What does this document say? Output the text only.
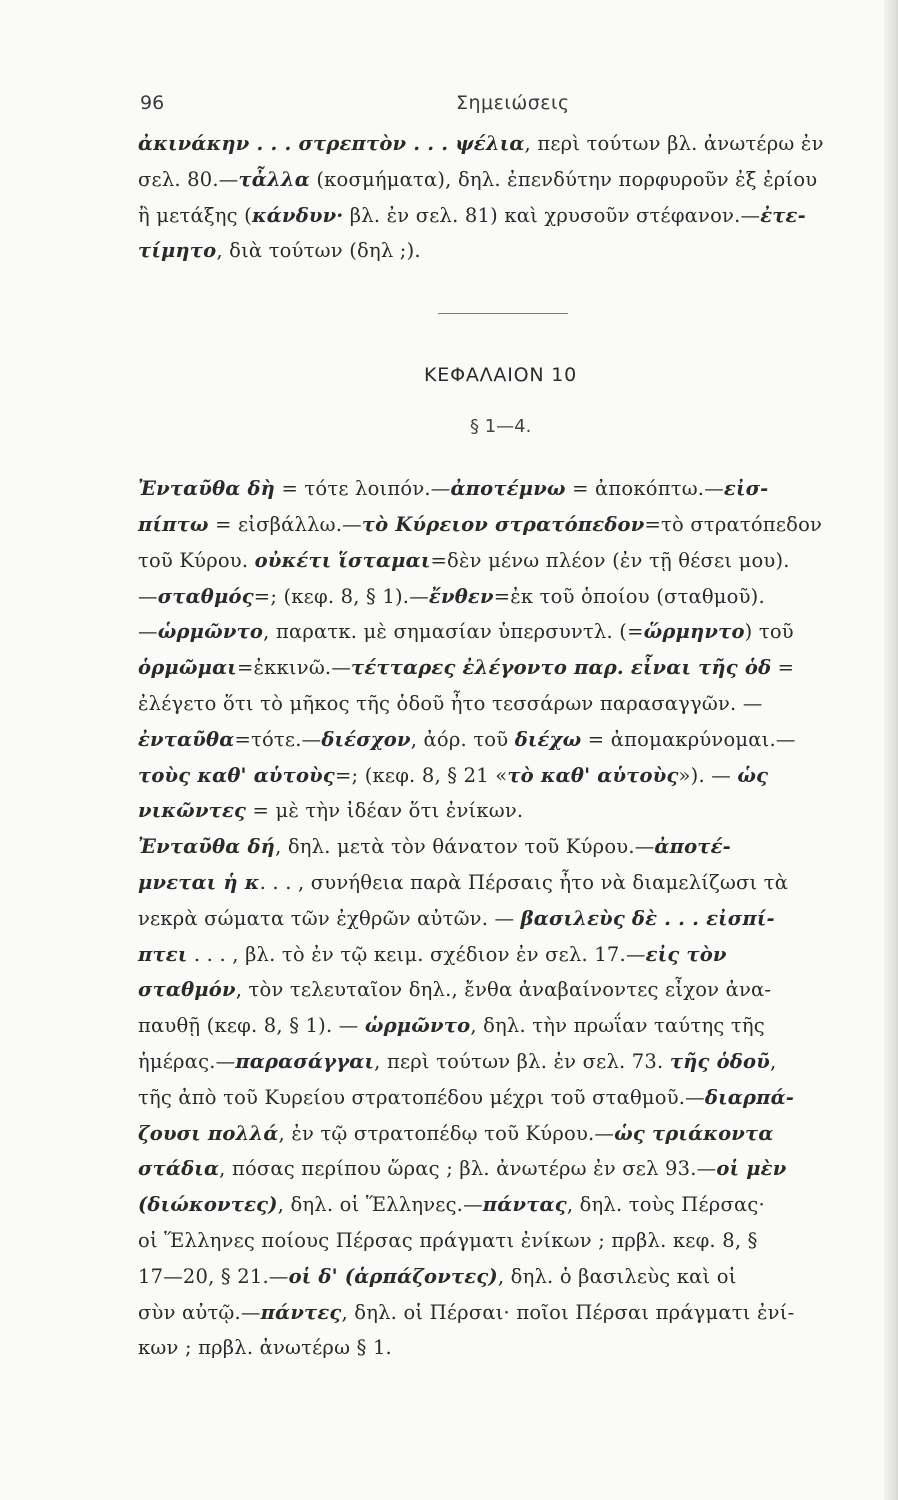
96	Σημειώσεις
ἀκινάκην . . . στρεπτὸν . . . ψέλια, περὶ τούτων βλ. ἀνωτέρω ἐν
σελ. 80.—τἆλλα (κοσμήματα), δηλ. ἐπενδύτην πορφυροῦν ἐξ ἐρίου
ἢ μετάξης (κάνδυν· βλ. ἐν σελ. 81) καὶ χρυσοῦν στέφανον.—ἐτε-
τίμητο, διὰ τούτων (δηλ ;).
ΚΕΦΑΛΑΙΟΝ 10
§ 1—4.
Ἐνταῦθα δὴ = τότε λοιπόν.—ἀποτέμνω = ἀποκόπτω.—εἰσ-
πίπτω = εἰσβάλλω.—τὸ Κύρειον στρατόπεδον=τὸ στρατόπεδον
τοῦ Κύρου. οὐκέτι ἵσταμαι=δὲν μένω πλέον (ἐν τῇ θέσει μου).
—σταθμός=; (κεφ. 8, § 1).—ἔνθεν=ἐκ τοῦ ὁποίου (σταθμοῦ).
—ὡρμῶντο, παρατκ. μὲ σημασίαν ὑπερσυντλ. (=ὥρμηντο) τοῦ
ὁρμῶμαι=ἐκκινῶ.—τέτταρες ἐλέγοντο παρ. εἶναι τῆς ὁδ =
ἐλέγετο ὅτι τὸ μῆκος τῆς ὁδοῦ ἦτο τεσσάρων παρασαγγῶν. —
ἐνταῦθα=τότε.—διέσχον, ἀόρ. τοῦ διέχω = ἀπομακρύνομαι.—
τοὺς καθ' αὑτοὺς=; (κεφ. 8, § 21 «τὸ καθ' αὑτοὺς»). — ὡς
νικῶντες = μὲ τὴν ἰδέαν ὅτι ἐνίκων.
Ἐνταῦθα δή, δηλ. μετὰ τὸν θάνατον τοῦ Κύρου.—ἀποτέ-
μνεται ἡ κ. . . , συνήθεια παρὰ Πέρσαις ἦτο νὰ διαμελίζωσι τὰ
νεκρὰ σώματα τῶν ἐχθρῶν αὐτῶν. — βασιλεὺς δὲ . . . εἰσπί-
πτει . . . , βλ. τὸ ἐν τῷ κειμ. σχέδιον ἐν σελ. 17.—εἰς τὸν
σταθμόν, τὸν τελευταῖον δηλ., ἔνθα ἀναβαίνοντες εἶχον ἀνα-
παυθῇ (κεφ. 8, § 1). — ὡρμῶντο, δηλ. τὴν πρωΐαν ταύτης τῆς
ἡμέρας.—παρασάγγαι, περὶ τούτων βλ. ἐν σελ. 73. τῆς ὁδοῦ,
τῆς ἀπὸ τοῦ Κυρείου στρατοπέδου μέχρι τοῦ σταθμοῦ.—διαρπά-
ζουσι πολλά, ἐν τῷ στρατοπέδῳ τοῦ Κύρου.—ὡς τριάκοντα
στάδια, πόσας περίπου ὥρας ; βλ. ἀνωτέρω ἐν σελ 93.—οἱ μὲν
(διώκοντες), δηλ. οἱ Ἕλληνες.—πάντας, δηλ. τοὺς Πέρσας·
οἱ Ἕλληνες ποίους Πέρσας πράγματι ἐνίκων ; πρβλ. κεφ. 8, §
17—20, § 21.—οἱ δ' (ἁρπάζοντες), δηλ. ὁ βασιλεὺς καὶ οἱ
σὺν αὐτῷ.—πάντες, δηλ. οἱ Πέρσαι· ποῖοι Πέρσαι πράγματι ἐνί-
κων ; πρβλ. ἀνωτέρω § 1.
